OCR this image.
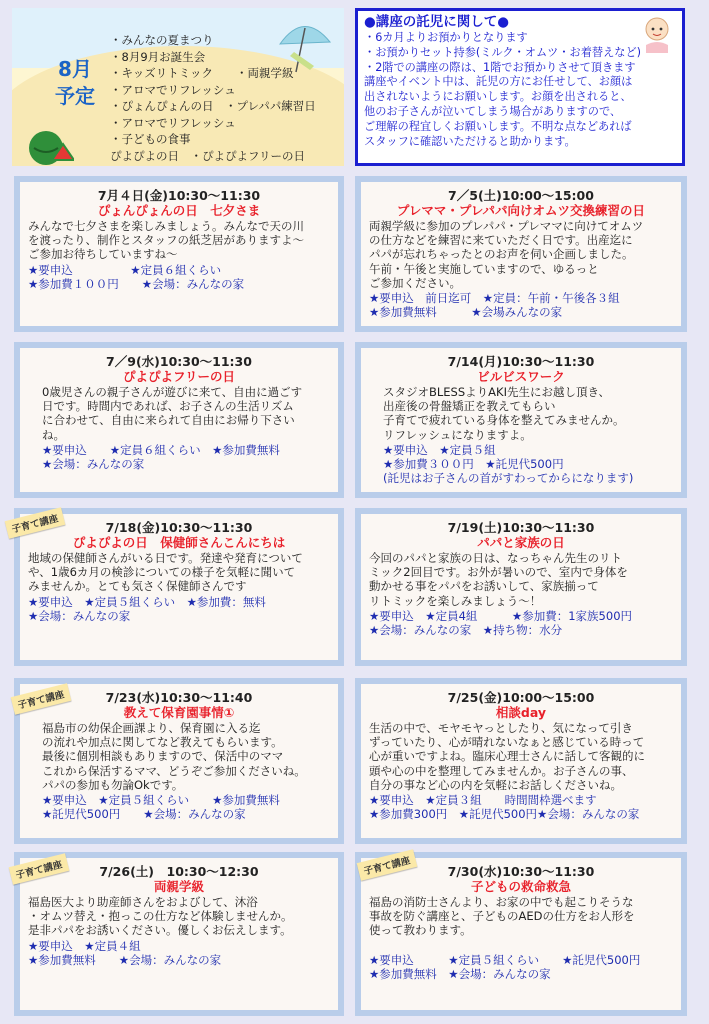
8月
予定
・みんなの夏まつり
・8月9月お誕生会
・キッズリトミック　　・両親学級
・アロマでリフレッシュ
・ぴょんぴょんの日　・プレパパ練習日
・アロマでリフレッシュ
・子どもの食事
ぴよぴよの日　・ぴよぴよフリーの日
●講座の託児に関して●
・6カ月よりお預かりとなります
・お預かりセット持参(ミルク・オムツ・お着替えなど)
・2階での講座の際は、1階でお預かりさせて頂きます
講座やイベント中は、託児の方にお任せして、お顔は
出されないようにお願いします。お顔を出されると、
他のお子さんが泣いてしまう場合がありますので、
ご理解の程宜しくお願いします。不明な点などあれば
スタッフに確認いただけると助かります。
7月４日(金)10:30～11:30
ぴょんぴょんの日　七夕さま
みんなで七夕さまを楽しみましょう。みんなで天の川
を渡ったり、制作とスタッフの紙芝居がありますよ～
ご参加お待ちしていますね～
★要申込　　　　　★定員６組くらい
★参加費１００円　　★会場：みんなの家
7／5(土)10:00～15:00
プレママ・プレパパ向けオムツ交換練習の日
両親学級に参加のプレパパ・プレママに向けてオムツ
の仕方などを練習に来ていただく日です。出産迄に
パパが忘れちゃったとのお声を伺い企画しました。
午前・午後と実施していますので、ゆるっと
ご参加ください。
★要申込　前日迄可　★定員：午前・午後各３組
★参加費無料　　　★会場みんなの家
7／9(水)10:30～11:30
ぴよぴよフリーの日
0歳児さんの親子さんが遊びに来て、自由に過ごす
日です。時間内であれば、お子さんの生活リズム
に合わせて、自由に来られて自由にお帰り下さい
ね。
★要申込　　★定員６組くらい　★参加費無料
★会場：みんなの家
7/14(月)10:30～11:30
ビルビスワーク
スタジオBLESSよりAKI先生にお越し頂き、
出産後の骨盤矯正を教えてもらい
子育てで疲れている身体を整えてみませんか。
リフレッシュになりますよ。
★要申込　★定員５組
★参加費３００円　★託児代500円
(託児はお子さんの首がすわってからになります)
子育て講座	7/18(金)10:30～11:30
ぴよぴよの日　保健師さんこんにちは
地域の保健師さんがいる日です。発達や発育について
や、1歳6カ月の検診についての様子を気軽に聞いて
みませんか。とても気さく保健師さんです
★要申込　★定員５組くらい　★参加費：無料
★会場：みんなの家
7/19(土)10:30～11:30
パパと家族の日
今回のパパと家族の日は、なっちゃん先生のリト
ミック2回目です。お外が暑いので、室内で身体を
動かせる事をパパをお誘いして、家族揃って
リトミックを楽しみましょう～！
★要申込　★定員4組　　　★参加費：1家族500円
★会場：みんなの家　★持ち物：水分
子育て講座	7/23(水)10:30～11:40
教えて保育園事情①
福島市の幼保企画課より、保育園に入る迄
の流れや加点に関してなど教えてもらいます。
最後に個別相談もありますので、保活中のママ
これから保活するママ、どうぞご参加くださいね。
パパの参加も勿論Okです。
★要申込　★定員５組くらい　　★参加費無料
★託児代500円　　★会場：みんなの家
7/25(金)10:00～15:00
相談day
生活の中で、モヤモヤっとしたり、気になって引き
ずっていたり、心が晴れないなぁと感じている時って
心が重いですよね。臨床心理士さんに話して客観的に
頭や心の中を整理してみませんか。お子さんの事、
自分の事など心の内を気軽にお話しくださいね。
★要申込　★定員３組　　時間間枠選べます
★参加費300円　★託児代500円★会場：みんなの家
子育て講座	7/26(土)　10:30～12:30
両親学級
福島医大より助産師さんをおよびして、沐浴
・オムツ替え・抱っこの仕方など体験しませんか。
是非パパをお誘いください。優しくお伝えします。
★要申込　★定員４組
★参加費無料　　★会場：みんなの家
子育て講座	7/30(水)10:30～11:30
子どもの救命救急
福島の消防士さんより、お家の中でも起こりそうな
事故を防ぐ講座と、子どものAEDの仕方をお人形を
使って教わります。

★要申込　　　★定員５組くらい　　★託児代500円
★参加費無料　★会場：みんなの家
